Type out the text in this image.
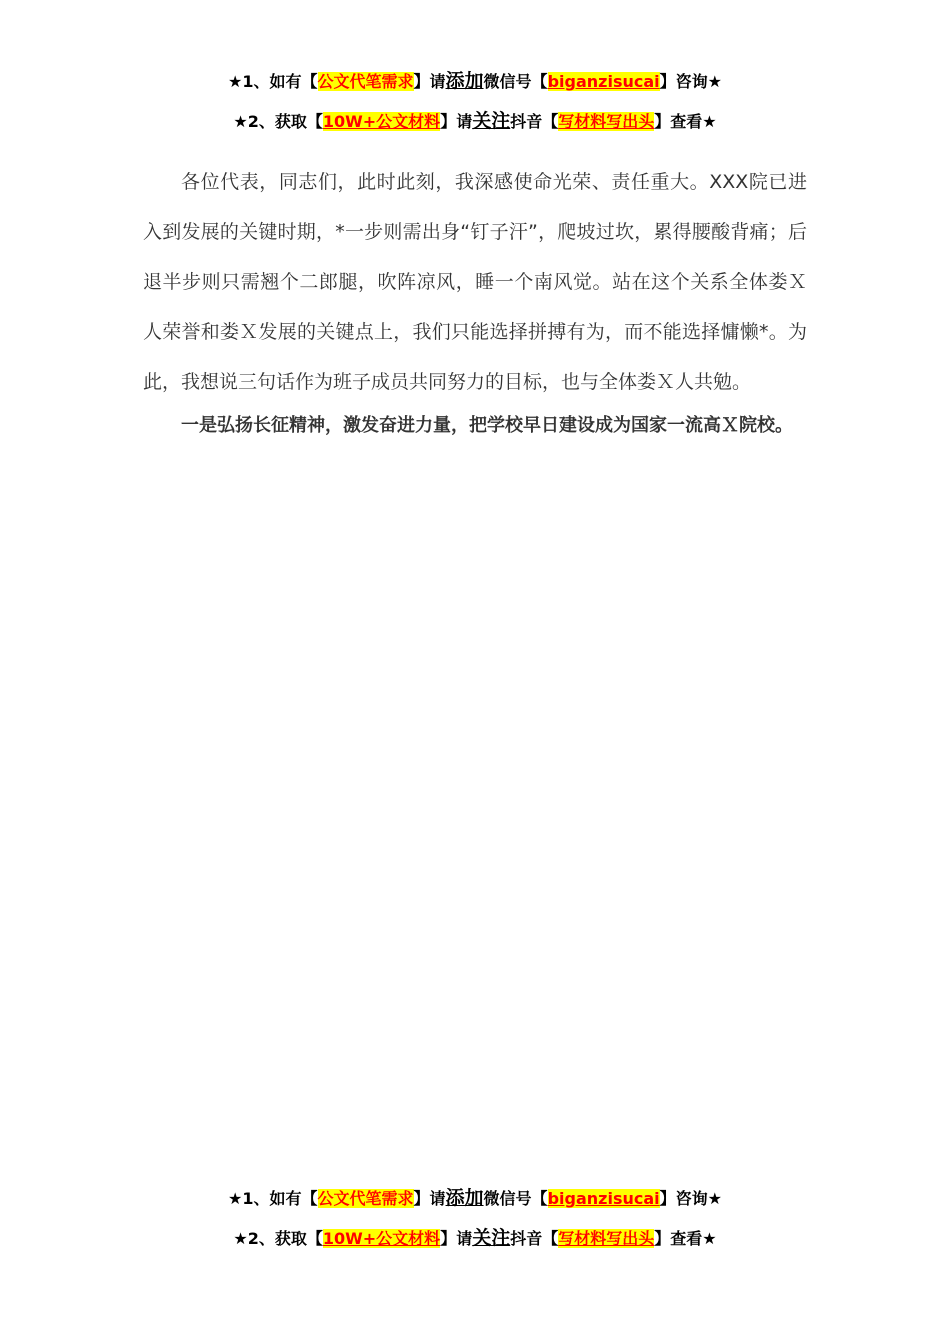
★1、如有【公文代笔需求】请添加微信号【biganzisucai】咨询★
★2、获取【10W+公文材料】请关注抖音【写材料写出头】查看★

各位代表，同志们，此时此刻，我深感使命光荣、责任重大。XXX院已进入到发展的关键时期，*一步则需出身“钉子汗”，爬坡过坎，累得腰酸背痛；后退半步则只需翘个二郎腿，吹阵凉风，睡一个南风觉。站在这个关系全体娄Ｘ人荣誉和娄Ｘ发展的关键点上，我们只能选择拼搏有为，而不能选择慵懒*。为此，我想说三句话作为班子成员共同努力的目标，也与全体娄Ｘ人共勉。

一是弘扬长征精神，激发奋进力量，把学校早日建设成为国家一流高Ｘ院校。

★1、如有【公文代笔需求】请添加微信号【biganzisucai】咨询★
★2、获取【10W+公文材料】请关注抖音【写材料写出头】查看★
